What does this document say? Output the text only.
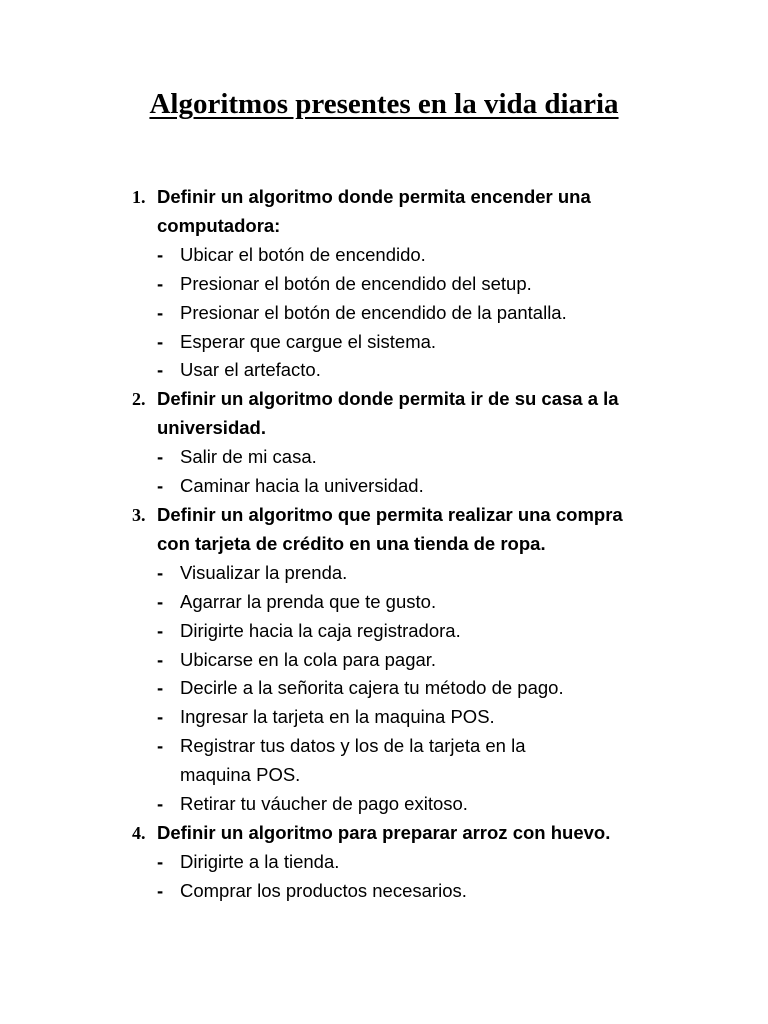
Algoritmos presentes en la vida diaria
1. Definir un algoritmo donde permita encender una computadora:
- Ubicar el botón de encendido.
- Presionar el botón de encendido del setup.
- Presionar el botón de encendido de la pantalla.
- Esperar que cargue el sistema.
- Usar el artefacto.
2. Definir un algoritmo donde permita ir de su casa a la universidad.
- Salir de mi casa.
- Caminar hacia la universidad.
3. Definir un algoritmo que permita realizar una compra con tarjeta de crédito en una tienda de ropa.
- Visualizar la prenda.
- Agarrar la prenda que te gusto.
- Dirigirte hacia la caja registradora.
- Ubicarse en la cola para pagar.
- Decirle a la señorita cajera tu método de pago.
- Ingresar la tarjeta en la maquina POS.
- Registrar tus datos y los de la tarjeta en la maquina POS.
- Retirar tu váucher de pago exitoso.
4. Definir un algoritmo para preparar arroz con huevo.
- Dirigirte a la tienda.
- Comprar los productos necesarios.
